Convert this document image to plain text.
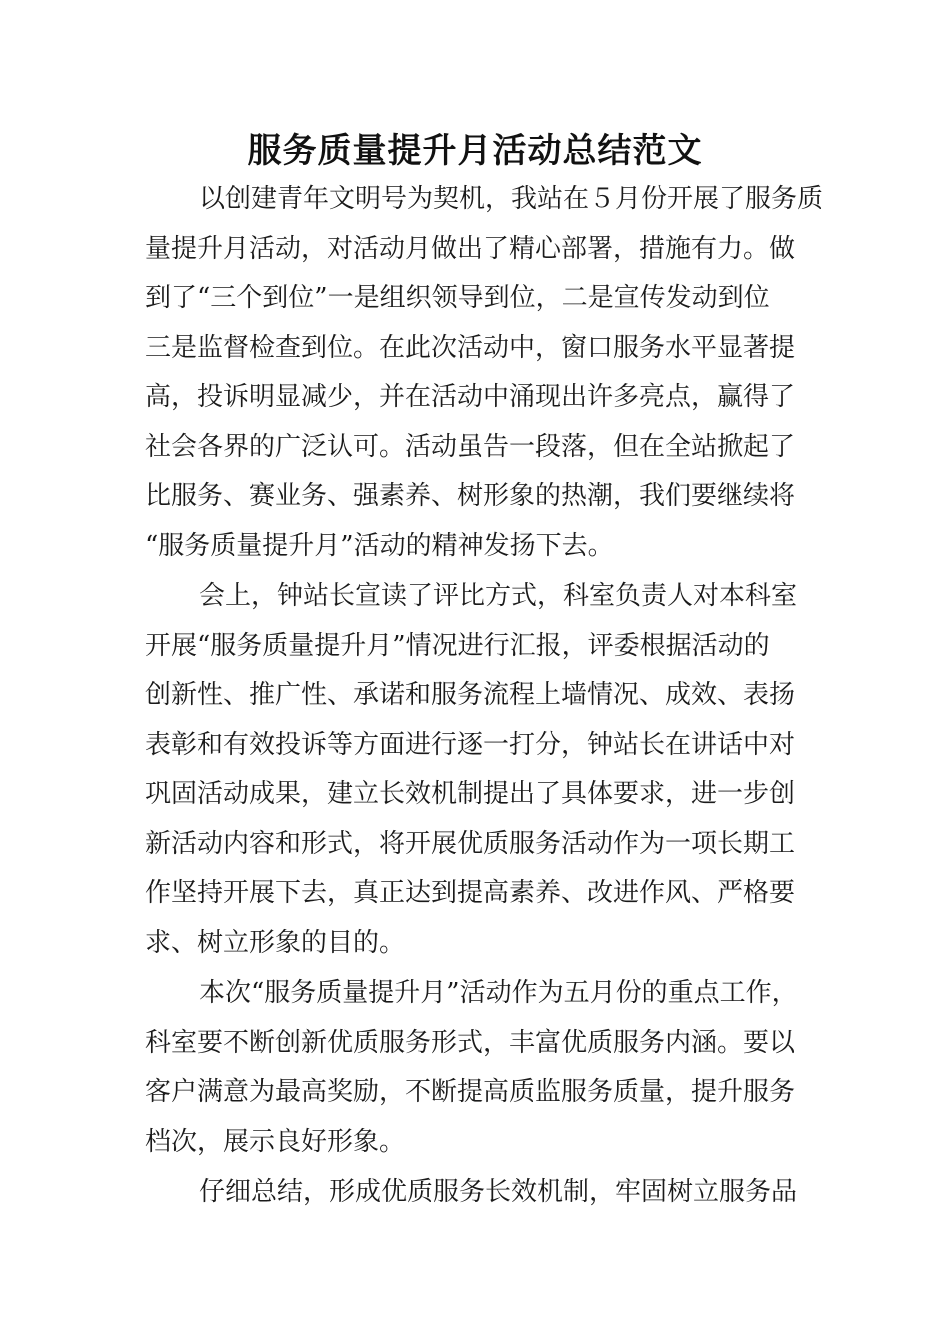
服务质量提升月活动总结范文
以创建青年文明号为契机，我站在５月份开展了服务质
量提升月活动，对活动月做出了精心部署，措施有力。做
到了“三个到位”一是组织领导到位，二是宣传发动到位
三是监督检查到位。在此次活动中，窗口服务水平显著提
高，投诉明显减少，并在活动中涌现出许多亮点，赢得了
社会各界的广泛认可。活动虽告一段落，但在全站掀起了
比服务、赛业务、强素养、树形象的热潮，我们要继续将
“服务质量提升月”活动的精神发扬下去。
会上，钟站长宣读了评比方式，科室负责人对本科室
开展“服务质量提升月”情况进行汇报，评委根据活动的
创新性、推广性、承诺和服务流程上墙情况、成效、表扬
表彰和有效投诉等方面进行逐一打分，钟站长在讲话中对
巩固活动成果，建立长效机制提出了具体要求，进一步创
新活动内容和形式，将开展优质服务活动作为一项长期工
作坚持开展下去，真正达到提高素养、改进作风、严格要
求、树立形象的目的。
本次“服务质量提升月”活动作为五月份的重点工作，
科室要不断创新优质服务形式，丰富优质服务内涵。要以
客户满意为最高奖励，不断提高质监服务质量，提升服务
档次，展示良好形象。
仔细总结，形成优质服务长效机制，牢固树立服务品
